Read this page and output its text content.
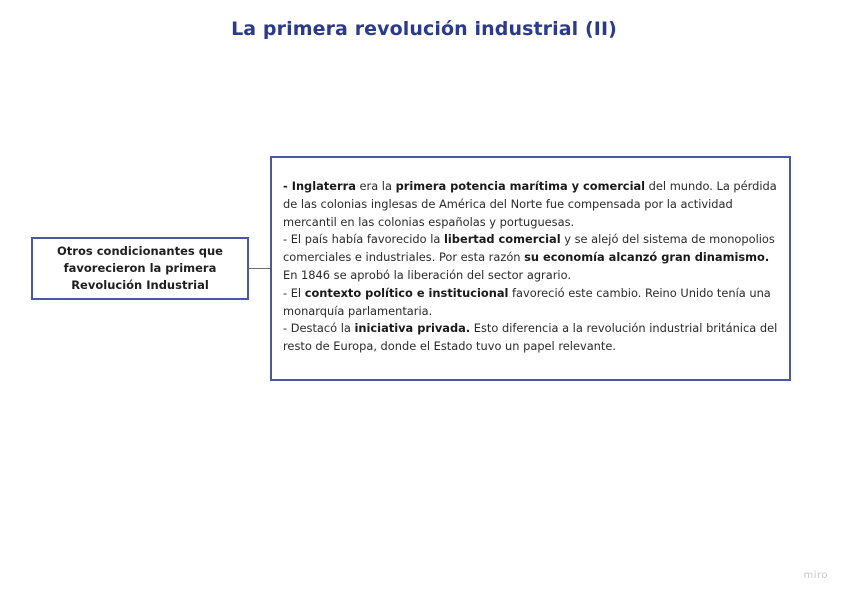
La primera revolución industrial (II)
Otros condicionantes que favorecieron la primera Revolución Industrial

- Inglaterra era la primera potencia marítima y comercial del mundo. La pérdida de las colonias inglesas de América del Norte fue compensada por la actividad mercantil en las colonias españolas y portuguesas.

- El país había favorecido la libertad comercial y se alejó del sistema de monopolios comerciales e industriales. Por esta razón su economía alcanzó gran dinamismo. En 1846 se aprobó la liberación del sector agrario.

- El contexto político e institucional favoreció este cambio. Reino Unido tenía una monarquía parlamentaria.

- Destacó la iniciativa privada. Esto diferencia a la revolución industrial británica del resto de Europa, donde el Estado tuvo un papel relevante.

miro
